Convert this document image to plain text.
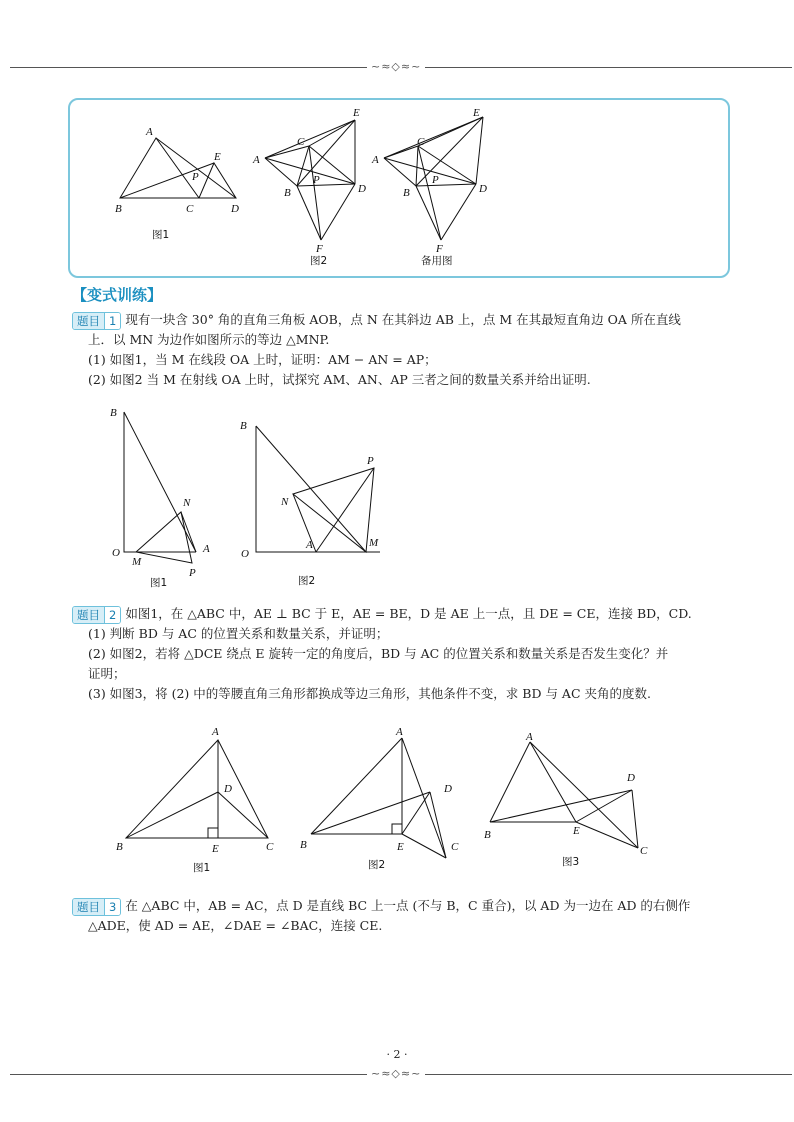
~≈◇≈~
A
B	C	D
E
P
图1
A
B
C
D
E
F
P
图2
A
B
C
D
E
F
P
备用图
【变式训练】
题目 1 现有一块含 30° 角的直角三角板 AOB，点 N 在其斜边 AB 上，点 M 在其最短直角边 OA 所在直线
上．以 MN 为边作如图所示的等边 △MNP.
(1) 如图1，当 M 在线段 OA 上时，证明：AM − AN = AP；
(2) 如图2 当 M 在射线 OA 上时，试探究 AM、AN、AP 三者之间的数量关系并给出证明.
B
N
O
M
A
P
图1
B
P
N
O
A	M
图2
题目 2 如图1，在 △ABC 中，AE ⊥ BC 于 E，AE = BE，D 是 AE 上一点，且 DE = CE，连接 BD，CD.
(1) 判断 BD 与 AC 的位置关系和数量关系，并证明；
(2) 如图2，若将 △DCE 绕点 E 旋转一定的角度后，BD 与 AC 的位置关系和数量关系是否发生变化？并
证明；
(3) 如图3，将 (2) 中的等腰直角三角形都换成等边三角形，其他条件不变，求 BD 与 AC 夹角的度数.
A
D
B	E	C
图1
A
D
B	E	C
图2
A
D
B	E
C
图3
题目 3 在 △ABC 中，AB = AC，点 D 是直线 BC 上一点 (不与 B，C 重合)，以 AD 为一边在 AD 的右侧作
△ADE，使 AD = AE，∠DAE = ∠BAC，连接 CE.
· 2 ·
~≈◇≈~
